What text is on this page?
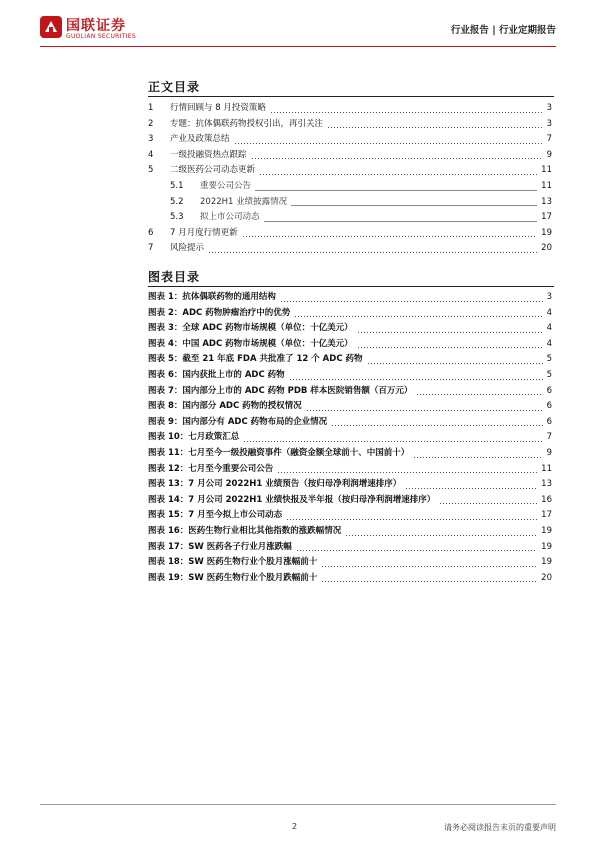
国联证券
GUOLIAN SECURITIES
行业报告 | 行业定期报告
正文目录
1 行情回顾与 8 月投资策略	3
2 专题：抗体偶联药物授权引出，再引关注	3
3 产业及政策总结	7
4 一级投融资热点跟踪	9
5 二级医药公司动态更新	11
5.1 重要公司公告	11
5.2 2022H1 业绩披露情况	13
5.3 拟上市公司动态	17
6 7 月月度行情更新	19
7 风险提示	20
图表目录
图表 1：抗体偶联药物的通用结构	3
图表 2：ADC 药物肿瘤治疗中的优势	4
图表 3：全球 ADC 药物市场规模（单位：十亿美元）	4
图表 4：中国 ADC 药物市场规模（单位：十亿美元）	4
图表 5：截至 21 年底 FDA 共批准了 12 个 ADC 药物	5
图表 6：国内获批上市的 ADC 药物	5
图表 7：国内部分上市的 ADC 药物 PDB 样本医院销售额（百万元）	6
图表 8：国内部分 ADC 药物的授权情况	6
图表 9：国内部分有 ADC 药物布局的企业情况	6
图表 10：七月政策汇总	7
图表 11：七月至今一级投融资事件（融资金额全球前十、中国前十）	9
图表 12：七月至今重要公司公告	11
图表 13：7 月公司 2022H1 业绩预告（按归母净利润增速排序）	13
图表 14：7 月公司 2022H1 业绩快报及半年报（按归母净利润增速排序）	16
图表 15：7 月至今拟上市公司动态	17
图表 16：医药生物行业相比其他指数的涨跌幅情况	19
图表 17：SW 医药各子行业月涨跌幅	19
图表 18：SW 医药生物行业个股月涨幅前十	19
图表 19：SW 医药生物行业个股月跌幅前十	20
2	请务必阅读报告末页的重要声明
